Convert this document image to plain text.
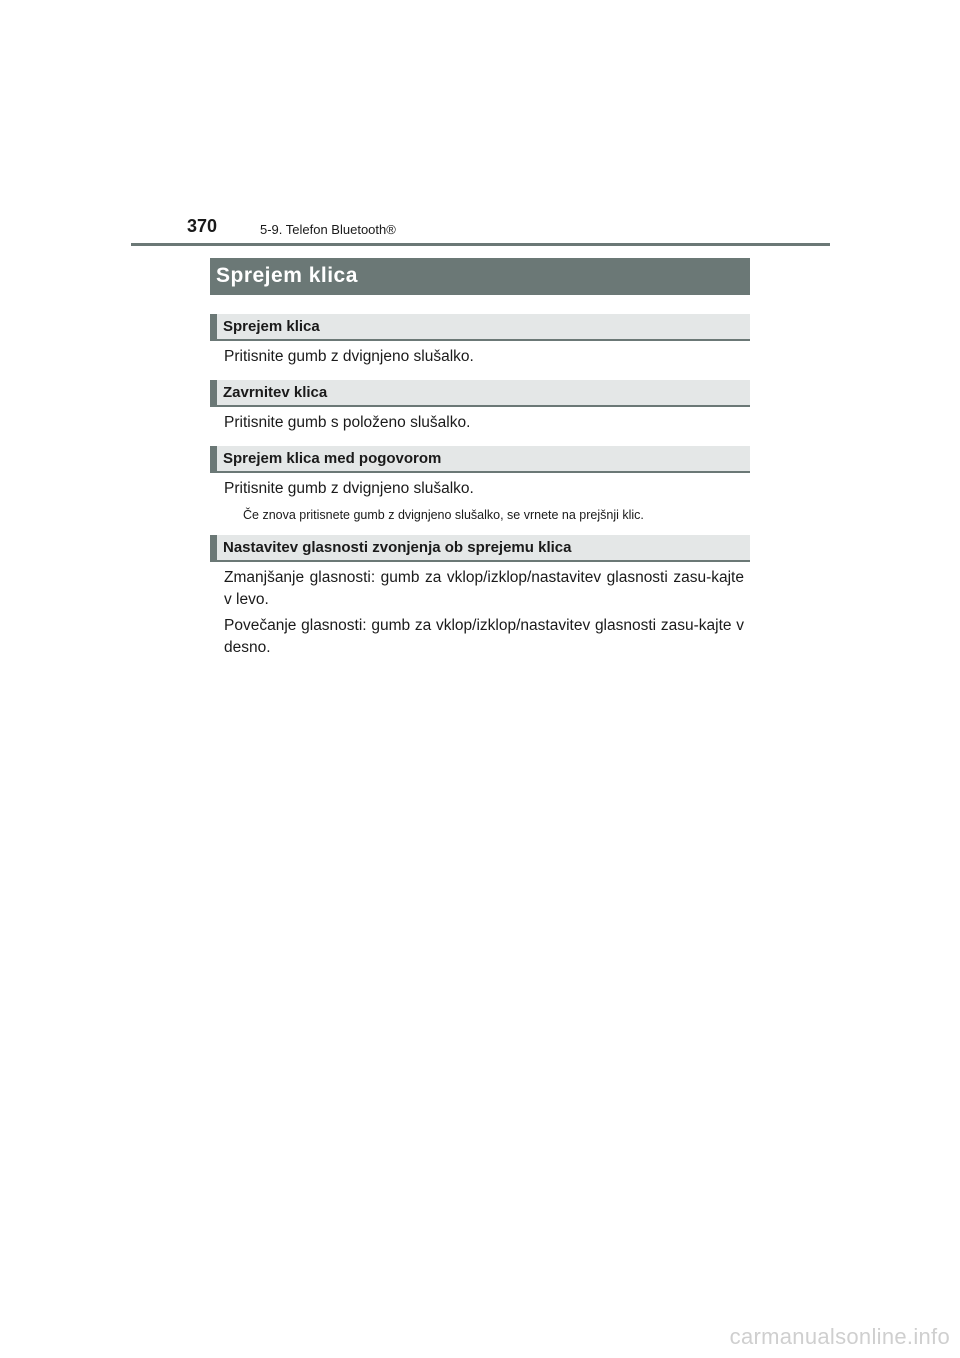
370	5-9. Telefon Bluetooth®
Sprejem klica
Sprejem klica
Pritisnite gumb z dvignjeno slušalko.
Zavrnitev klica
Pritisnite gumb s položeno slušalko.
Sprejem klica med pogovorom
Pritisnite gumb z dvignjeno slušalko.
Če znova pritisnete gumb z dvignjeno slušalko, se vrnete na prejšnji klic.
Nastavitev glasnosti zvonjenja ob sprejemu klica
Zmanjšanje glasnosti: gumb za vklop/izklop/nastavitev glasnosti zasu-kajte v levo.
Povečanje glasnosti: gumb za vklop/izklop/nastavitev glasnosti zasu-kajte v desno.
carmanualsonline.info
